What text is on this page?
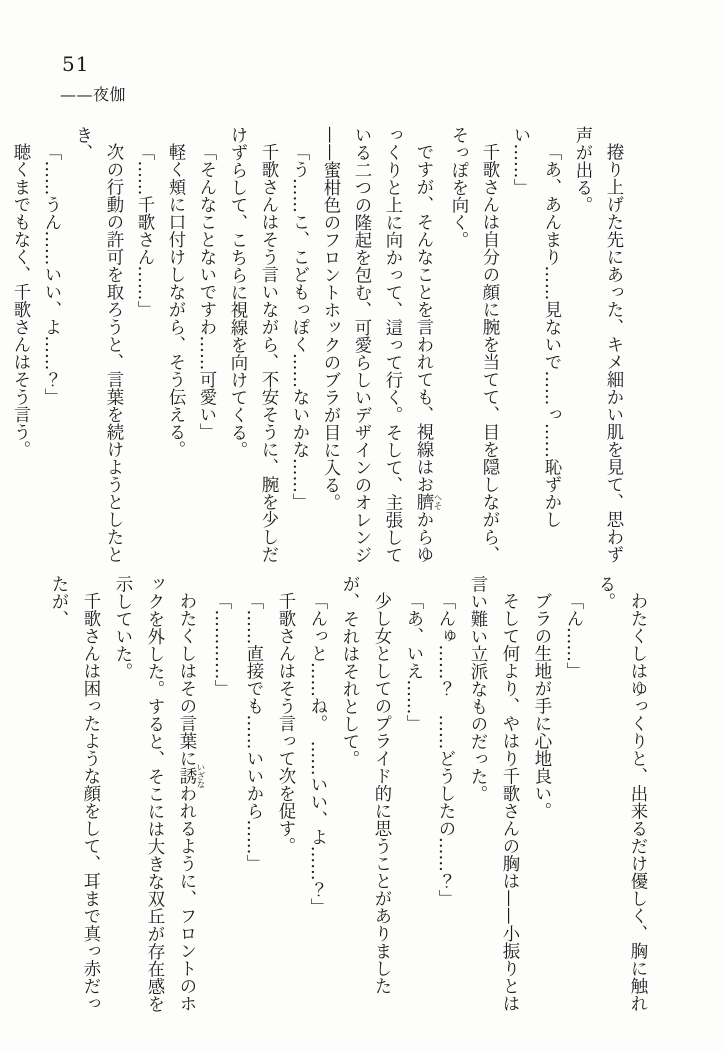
51
——夜伽
捲り上げた先にあった、キメ細かい肌を見て、思わず
声が出る。
「あ、あんまり……見ないで……っ……恥ずかしい……」
千歌さんは自分の顔に腕を当てて、目を隠しながら、
そっぽを向く。
ですが、そんなことを言われても、視線はお臍 へそからゆ
っくりと上に向かって、這って行く。そして、主張して
いる二つの隆起を包む、可愛らしいデザインのオレンジ
——蜜柑色のフロントホックのブラが目に入る。
「う……こ、こどもっぽく……ないかな……」
千歌さんはそう言いながら、不安そうに、腕を少しだ
けずらして、こちらに視線を向けてくる。
「そんなことないですわ……可愛い」
軽く頬に口付けしながら、そう伝える。
「……千歌さん……」
次の行動の許可を取ろうと、言葉を続けようとしたと
き、
「……うん……いい、よ……？」
聴くまでもなく、千歌さんはそう言う。
わたくしはゆっくりと、出来るだけ優しく、胸に触れ
る。
「ん……」
ブラの生地が手に心地良い。
そして何より、やはり千歌さんの胸は——小振りとは
言い難い立派なものだった。
「んゅ……？　……どうしたの……？」
「あ、いえ……」
少し女としてのプライド的に思うことがありました
が、それはそれとして。
「んっと……ね。　……いい、よ……？」
千歌さんはそう言って次を促す。
「……直接でも……いいから……」
「…………」
わたくしはその言葉に誘 いざなわれるように、フロントのホ
ックを外した。すると、そこには大きな双丘が存在感を
示していた。
千歌さんは困ったような顔をして、耳まで真っ赤だっ
たが、
